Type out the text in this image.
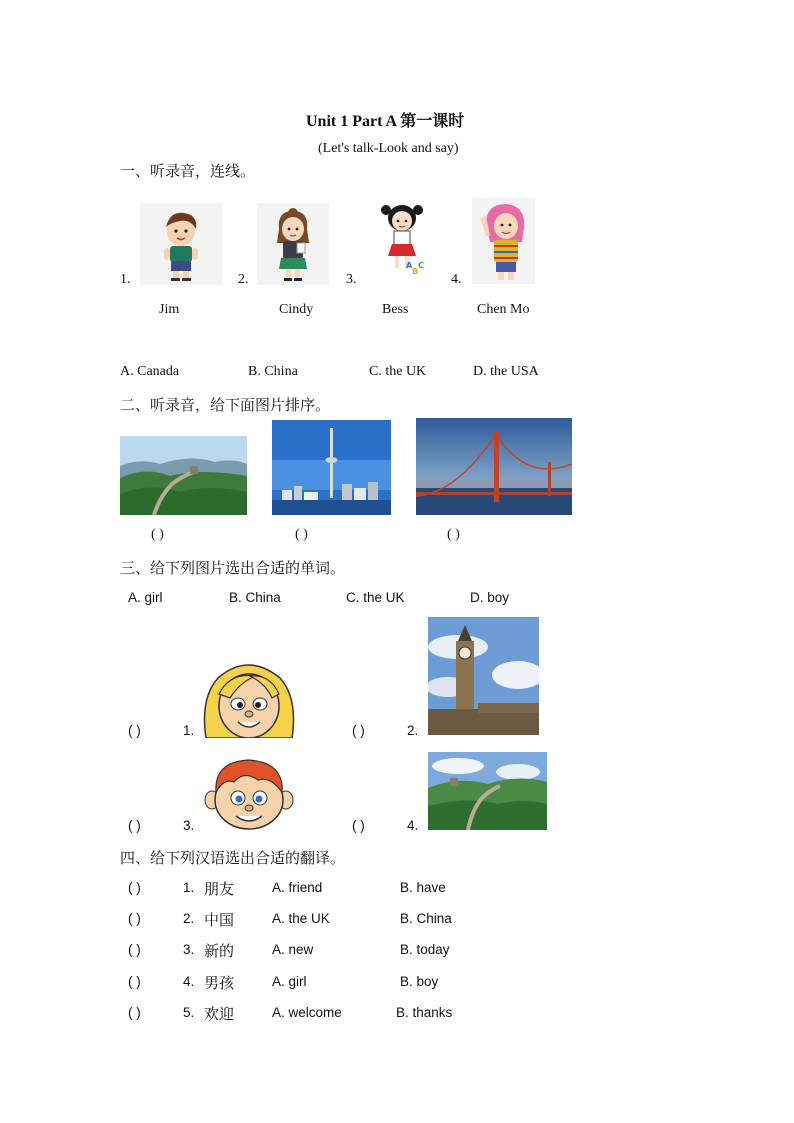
Unit 1 Part A 第一课时
(Let's talk-Look and say)
一、听录音，连线。
1.	2.	3.	4.
A
B
C
Jim	Cindy	Bess	Chen Mo
A. Canada	B. China	C. the UK	D. the USA
二、听录音，给下面图片排序。
( )	( )	( )
三、给下列图片选出合适的单词。
A. girl	B. China	C. the UK	D. boy
( )	1.	( )	2.
( )	3.	( )	4.
四、给下列汉语选出合适的翻译。
( )	1. 朋友	A. friend	B. have
( )	2. 中国	A. the UK	B. China
( )	3. 新的	A. new	B. today
( )	4. 男孩	A. girl	B. boy
( )	5. 欢迎	A. welcome	B. thanks
